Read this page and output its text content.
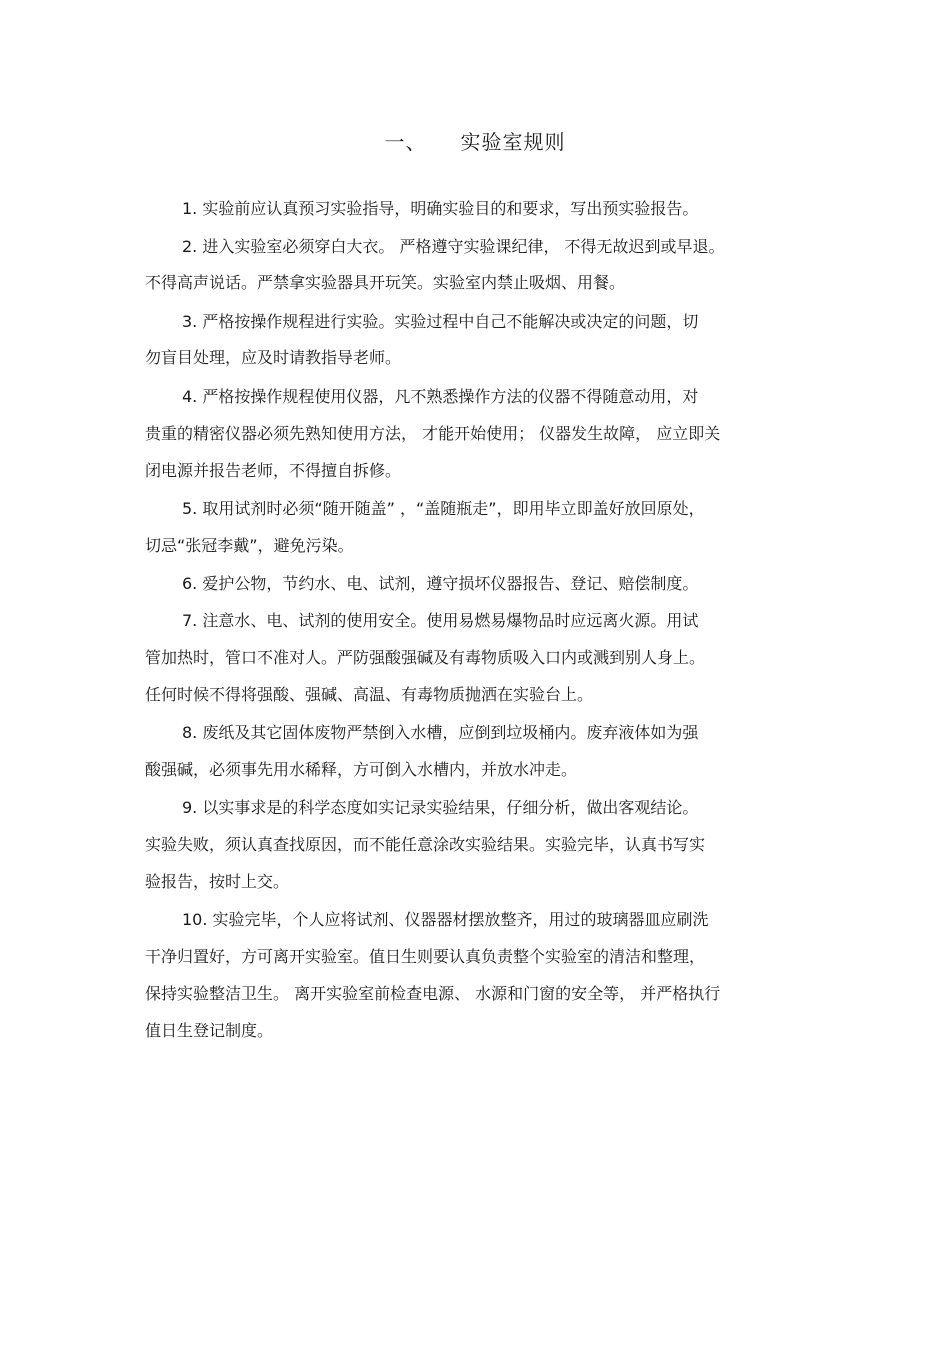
一、 实验室规则
1. 实验前应认真预习实验指导，明确实验目的和要求，写出预实验报告。
2. 进入实验室必须穿白大衣。 严格遵守实验课纪律， 不得无故迟到或早退。
不得高声说话。严禁拿实验器具开玩笑。实验室内禁止吸烟、用餐。
3. 严格按操作规程进行实验。实验过程中自己不能解决或决定的问题，切
勿盲目处理，应及时请教指导老师。
4. 严格按操作规程使用仪器，凡不熟悉操作方法的仪器不得随意动用，对
贵重的精密仪器必须先熟知使用方法， 才能开始使用； 仪器发生故障， 应立即关
闭电源并报告老师，不得擅自拆修。
5. 取用试剂时必须“随开随盖” ，“盖随瓶走”，即用毕立即盖好放回原处，
切忌“张冠李戴”，避免污染。
6. 爱护公物，节约水、电、试剂，遵守损坏仪器报告、登记、赔偿制度。
7. 注意水、电、试剂的使用安全。使用易燃易爆物品时应远离火源。用试
管加热时，管口不准对人。严防强酸强碱及有毒物质吸入口内或溅到别人身上。
任何时候不得将强酸、强碱、高温、有毒物质抛洒在实验台上。
8. 废纸及其它固体废物严禁倒入水槽，应倒到垃圾桶内。废弃液体如为强
酸强碱，必须事先用水稀释，方可倒入水槽内，并放水冲走。
9. 以实事求是的科学态度如实记录实验结果，仔细分析，做出客观结论。
实验失败，须认真查找原因，而不能任意涂改实验结果。实验完毕，认真书写实
验报告，按时上交。
10. 实验完毕，个人应将试剂、仪器器材摆放整齐，用过的玻璃器皿应刷洗
干净归置好，方可离开实验室。值日生则要认真负责整个实验室的清洁和整理，
保持实验整洁卫生。 离开实验室前检查电源、 水源和门窗的安全等， 并严格执行
值日生登记制度。
